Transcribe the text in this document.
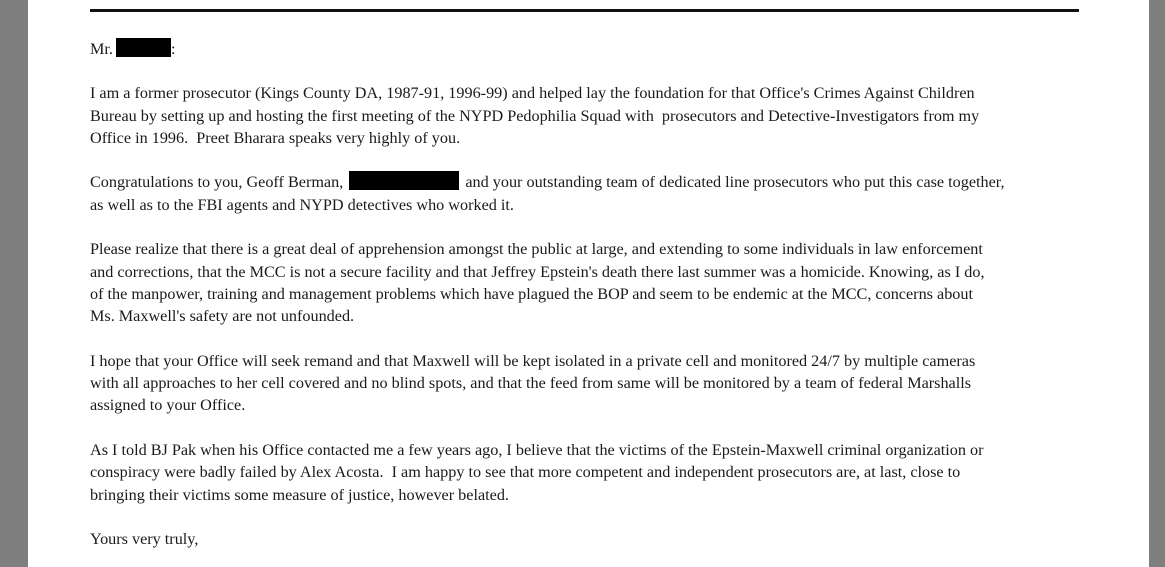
Mr.	:

I am a former prosecutor (Kings County DA, 1987-91, 1996-99) and helped lay the foundation for that Office's Crimes Against Children
Bureau by setting up and hosting the first meeting of the NYPD Pedophilia Squad with  prosecutors and Detective-Investigators from my
Office in 1996.  Preet Bharara speaks very highly of you.

Congratulations to you, Geoff Berman,	and your outstanding team of dedicated line prosecutors who put this case together,
as well as to the FBI agents and NYPD detectives who worked it.

Please realize that there is a great deal of apprehension amongst the public at large, and extending to some individuals in law enforcement
and corrections, that the MCC is not a secure facility and that Jeffrey Epstein's death there last summer was a homicide. Knowing, as I do,
of the manpower, training and management problems which have plagued the BOP and seem to be endemic at the MCC, concerns about
Ms. Maxwell's safety are not unfounded.

I hope that your Office will seek remand and that Maxwell will be kept isolated in a private cell and monitored 24/7 by multiple cameras
with all approaches to her cell covered and no blind spots, and that the feed from same will be monitored by a team of federal Marshalls
assigned to your Office.

As I told BJ Pak when his Office contacted me a few years ago, I believe that the victims of the Epstein-Maxwell criminal organization or
conspiracy were badly failed by Alex Acosta.  I am happy to see that more competent and independent prosecutors are, at last, close to
bringing their victims some measure of justice, however belated.

Yours very truly,
